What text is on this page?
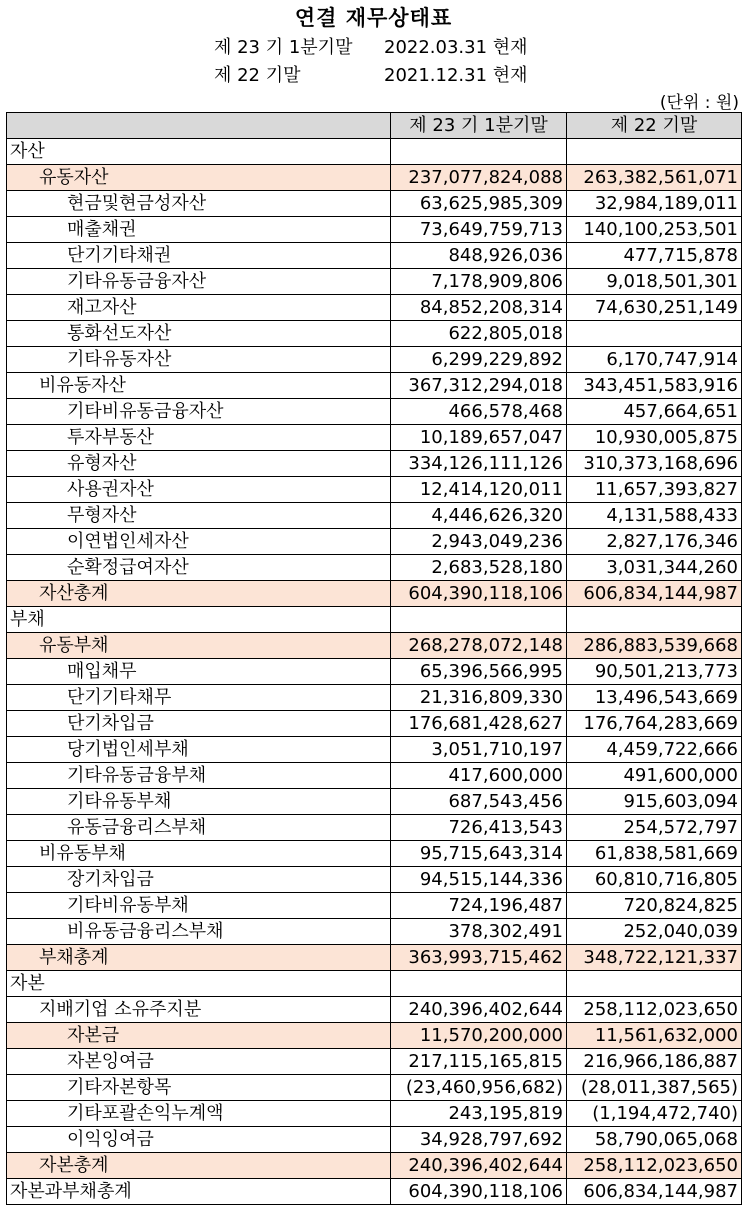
연결 재무상태표
제 23 기 1분기말 2022.03.31 현재
제 22 기말	2021.12.31 현재
(단위 : 원)
	제 23 기 1분기말	제 22 기말
자산		
유동자산	237,077,824,088	263,382,561,071
현금및현금성자산	63,625,985,309	32,984,189,011
매출채권	73,649,759,713	140,100,253,501
단기기타채권	848,926,036	477,715,878
기타유동금융자산	7,178,909,806	9,018,501,301
재고자산	84,852,208,314	74,630,251,149
통화선도자산	622,805,018	
기타유동자산	6,299,229,892	6,170,747,914
비유동자산	367,312,294,018	343,451,583,916
기타비유동금융자산	466,578,468	457,664,651
투자부동산	10,189,657,047	10,930,005,875
유형자산	334,126,111,126	310,373,168,696
사용권자산	12,414,120,011	11,657,393,827
무형자산	4,446,626,320	4,131,588,433
이연법인세자산	2,943,049,236	2,827,176,346
순확정급여자산	2,683,528,180	3,031,344,260
자산총계	604,390,118,106	606,834,144,987
부채		
유동부채	268,278,072,148	286,883,539,668
매입채무	65,396,566,995	90,501,213,773
단기기타채무	21,316,809,330	13,496,543,669
단기차입금	176,681,428,627	176,764,283,669
당기법인세부채	3,051,710,197	4,459,722,666
기타유동금융부채	417,600,000	491,600,000
기타유동부채	687,543,456	915,603,094
유동금융리스부채	726,413,543	254,572,797
비유동부채	95,715,643,314	61,838,581,669
장기차입금	94,515,144,336	60,810,716,805
기타비유동부채	724,196,487	720,824,825
비유동금융리스부채	378,302,491	252,040,039
부채총계	363,993,715,462	348,722,121,337
자본		
지배기업 소유주지분	240,396,402,644	258,112,023,650
자본금	11,570,200,000	11,561,632,000
자본잉여금	217,115,165,815	216,966,186,887
기타자본항목	(23,460,956,682)	(28,011,387,565)
기타포괄손익누계액	243,195,819	(1,194,472,740)
이익잉여금	34,928,797,692	58,790,065,068
자본총계	240,396,402,644	258,112,023,650
자본과부채총계	604,390,118,106	606,834,144,987
